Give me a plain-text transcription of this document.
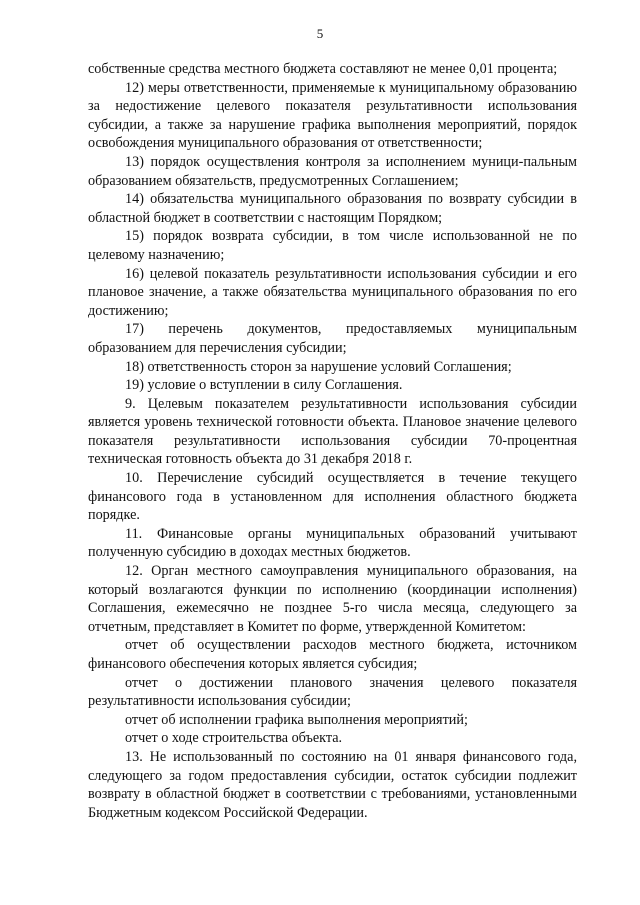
5

собственные средства местного бюджета составляют не менее 0,01 процента;

12) меры ответственности, применяемые к муниципальному образованию за недостижение целевого показателя результативности использования субсидии, а также за нарушение графика выполнения мероприятий, порядок освобождения муниципального образования от ответственности;

13) порядок осуществления контроля за исполнением муници-пальным образованием обязательств, предусмотренных Соглашением;

14) обязательства муниципального образования по возврату субсидии в областной бюджет в соответствии с настоящим Порядком;

15) порядок возврата субсидии, в том числе использованной не по целевому назначению;

16) целевой показатель результативности использования субсидии и его плановое значение, а также обязательства муниципального образования по его достижению;

17) перечень документов, предоставляемых муниципальным образованием для перечисления субсидии;

18) ответственность сторон за нарушение условий Соглашения;

19) условие о вступлении в силу Соглашения.

9. Целевым показателем результативности использования субсидии является уровень технической готовности объекта. Плановое значение целевого показателя результативности использования субсидии 70-процентная техническая готовность объекта до 31 декабря 2018 г.

10. Перечисление субсидий осуществляется в течение текущего финансового года в установленном для исполнения областного бюджета порядке.

11. Финансовые органы муниципальных образований учитывают полученную субсидию в доходах местных бюджетов.

12. Орган местного самоуправления муниципального образования, на который возлагаются функции по исполнению (координации исполнения) Соглашения, ежемесячно не позднее 5-го числа месяца, следующего за отчетным, представляет в Комитет по форме, утвержденной Комитетом:

отчет об осуществлении расходов местного бюджета, источником финансового обеспечения которых является субсидия;

отчет о достижении планового значения целевого показателя результативности использования субсидии;

отчет об исполнении графика выполнения мероприятий;

отчет о ходе строительства объекта.

13. Не использованный по состоянию на 01 января финансового года, следующего за годом предоставления субсидии, остаток субсидии подлежит возврату в областной бюджет в соответствии с требованиями, установленными Бюджетным кодексом Российской Федерации.
